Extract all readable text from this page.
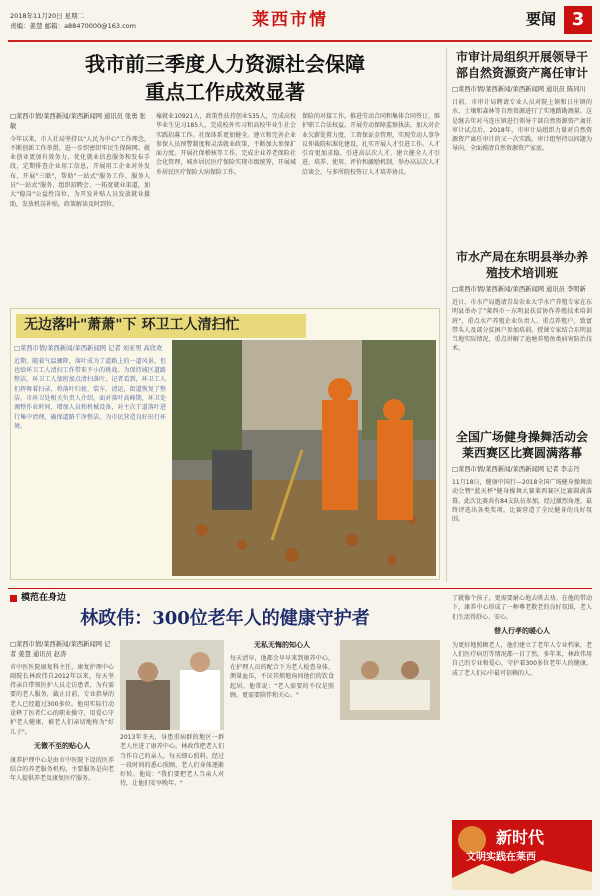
2018年11月20日 星期二
责编：姜慧 邮箱：a88470000@163.com	莱西市情	要闻 3
我市前三季度人力资源社会保障
重点工作成效显著
□莱西市情/莱西新闻/莱西新闻网 通讯员 张勇 张敏
今年以来，市人社局坚持以"人民为中心"工作理念，不断创新工作举措，进一步织密织牢民生保障网。就业创业更加有效务力。优化就业信息服务和发布手段，定期排查企业用工信息，开展用工企业对外发布、开展"三联"，帮助"一站式"服务工作，服务人员"一站式"服务，组织招聘会、一拓宽就业渠道，加大"稳岗"公益性岗位、为开发补贴人员发放就业援助，发放机岗补贴，政策解读及时到位。
壕就业10921人，政策性扶持创业535人，完成高校毕业生见习185人，完成校外实习和高校毕业生社会实践招募工作。社保体系更加健全。建立和完善企业参保人员预警制度和灵活就业政策，不断加大参保扩面力度。开展社保稽核等工作，完成企业养老保险社会化管理，城乡居民医疗保险实现市级统筹，开展城乡居民医疗保险大病保险工作。
保险的对接工作，推进劳动合同和集体合同签订，维护职工合法权益。开展劳动保障监察执法，加大对企业欠薪处置力度，工资保证金管理，实现劳动人事争议仲裁院标准化建设，扎实开展人才引进工作。人才引育更加求稳，引进高层次人才，建立健全人才引进、培养、使用、评价和激励机制，举办高层次人才洽谈会，与多所院校签订人才培养协议。
无边落叶"萧萧"下 环卫工人清扫忙
□莱西市情/莱西新闻/莱西新闻网 记者 刘亚男 高欣欢
近期，随着气温骤降，落叶成为了道路上的一道风景，但也给环卫工人清扫工作带来不小的挑战。为保持城区道路整洁，环卫工人加班加点清扫落叶。记者看到，环卫工人们挥舞着扫帚，将落叶归拢、装车、清运，街道恢复了整洁。市环卫处相关负责人介绍，面对落叶高峰期，环卫处调整作业时间，增加人员和机械设备，对主次干道落叶进行集中清理，确保道路干净整洁，为市民营造良好出行环境。
市审计局组织开展领导干部自然资源资产离任审计
□莱西市情/莱西新闻/莱西新闻网 通讯员 陈同川
日前，市审计局聘请专业人员对院上镇和日庄镇的水、土壤和森林等自然资源进行了实地踏勘测量。这是继去年对马连庄镇进行领导干部自然资源资产离任审计试点后，2018年，市审计局组织力量对自然资源资产离任审计的又一次实践。审计组坚持以问题为导向，全面摸清自然资源资产家底。
市水产局在东明县举办养殖技术培训班
□莱西市情/莱西新闻/莱西新闻网 通讯员 李明新
近日，市水产局邀请青岛农业大学水产养殖专家在东明县举办了"莱西市一东明县扶贫协作养殖技术培训班"，重点水产养殖企业负责人、重点养殖户、致富带头人及部分贫困户参加培训。授课专家结合东明县当地实际情况，重点讲解了池塘养殖鱼类病害防治技术。
全国广场健身操舞活动会莱西赛区比赛圆满落幕
□莱西市情/莱西新闻/莱西新闻网 记者 李志丹
11月18日，健康中国行—2018全国广场健身操舞活动会暨"蓝天杯"健身操舞大赛莱西赛区比赛圆满落幕。此次比赛共有84支队伍参加，经过激烈角逐，最终评选出各类奖项。比赛营造了全民健身的良好氛围。
模范在身边
林政伟：300位老年人的健康守护者
□莱西市情/莱西新闻/莱西新闻网 记者 姜慧 通讯员 赵涛
市中医医院康复科主任、康复护理中心副院长林政伟自2012年以来，每天坚持亲自带领医护人员走访患者，为有需要的老人服务，截止目前，专业指导的老人已经超过300多位。他用实际行动诠释了医者仁心的职业操守，用爱心守护老人健康，被老人们亲切地称为"好儿子"。
无微不至的贴心人
康养护理中心是由市中医院下设的医养结合的养老服务机构，主要服务是向老年人提供养老及康复医疗服务。
2013年冬天，身患重病群的地区一群老人住进了康养中心。林政伟把老人们当作自己的亲人，每天细心照料。经过一段时间的悉心照顾，老人们身体逐渐好转。他说："我们要把老人当亲人对待，让他们安享晚年。"
无私无悔的知心人
每天清早，他都会早早来到康养中心，在护理人员的配合下为老人检查身体、测量血压，不厌其烦地询问他们的饮食起居。他常说："老人需要的不仅是照顾，更需要陪伴和关心。"
了就像个孩子，更需要耐心地去哄去劝。在他的带动下，康养中心形成了一种尊老敬老的良好氛围，老人们生活得舒心、安心。
替人行孝的暖心人
为更好地照顾老人，他们建立了老年人专业档案，老人们医疗病历等情况都一目了然。多年来，林政伟用自己的专业和爱心，守护着300多位老年人的健康，成了老人们心中最可信赖的人。
新时代
文明实践在莱西
